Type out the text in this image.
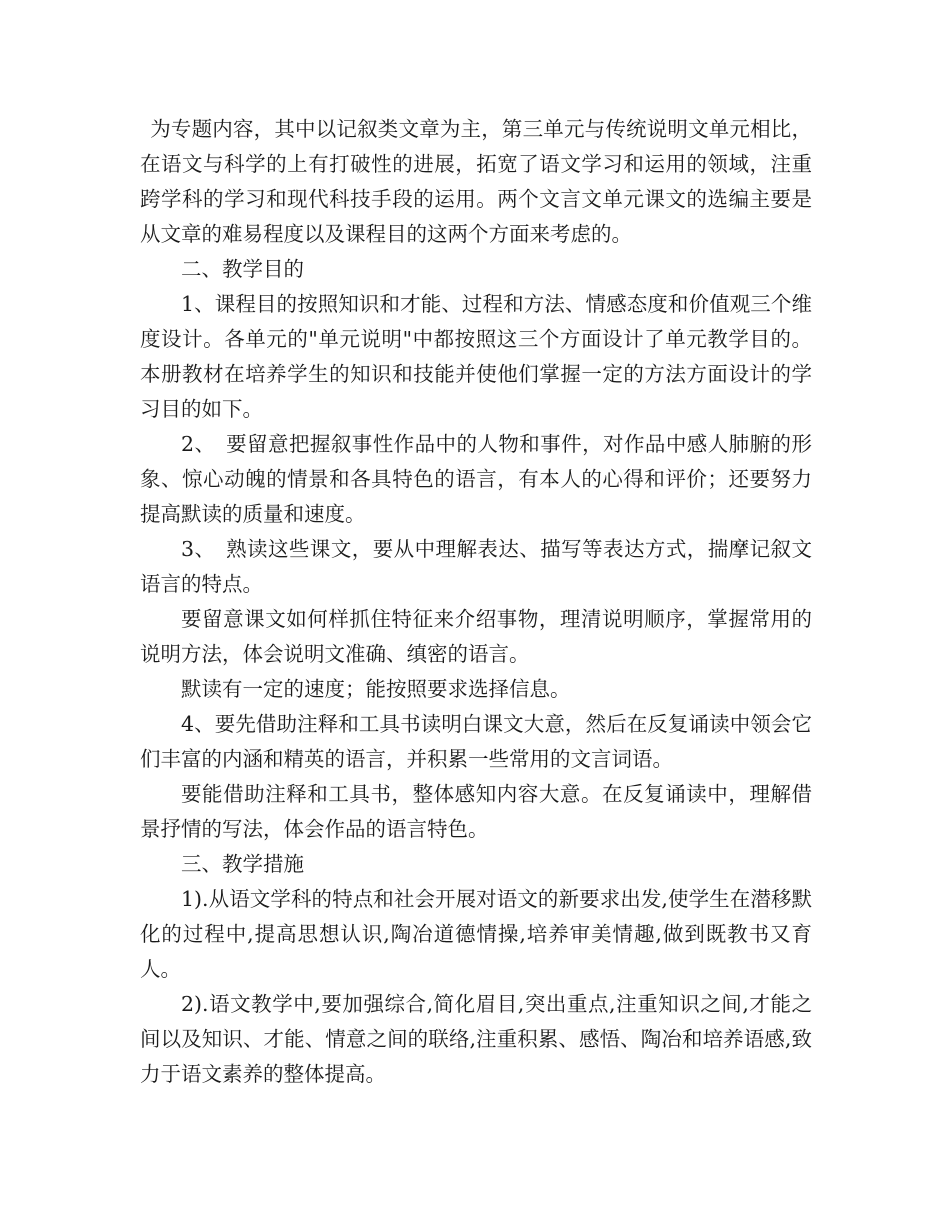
为专题内容，其中以记叙类文章为主，第三单元与传统说明文单元相比，在语文与科学的上有打破性的进展，拓宽了语文学习和运用的领域，注重跨学科的学习和现代科技手段的运用。两个文言文单元课文的选编主要是从文章的难易程度以及课程目的这两个方面来考虑的。

二、教学目的

1、课程目的按照知识和才能、过程和方法、情感态度和价值观三个维度设计。各单元的"单元说明"中都按照这三个方面设计了单元教学目的。本册教材在培养学生的知识和技能并使他们掌握一定的方法方面设计的学习目的如下。

2、　要留意把握叙事性作品中的人物和事件，对作品中感人肺腑的形象、惊心动魄的情景和各具特色的语言，有本人的心得和评价；还要努力提高默读的质量和速度。

3、　熟读这些课文，要从中理解表达、描写等表达方式，揣摩记叙文语言的特点。

要留意课文如何样抓住特征来介绍事物，理清说明顺序，掌握常用的说明方法，体会说明文准确、缜密的语言。

默读有一定的速度；能按照要求选择信息。

4、要先借助注释和工具书读明白课文大意，然后在反复诵读中领会它们丰富的内涵和精英的语言，并积累一些常用的文言词语。

要能借助注释和工具书，整体感知内容大意。在反复诵读中，理解借景抒情的写法，体会作品的语言特色。

三、教学措施

1).从语文学科的特点和社会开展对语文的新要求出发,使学生在潜移默化的过程中,提高思想认识,陶冶道德情操,培养审美情趣,做到既教书又育人。

2).语文教学中,要加强综合,简化眉目,突出重点,注重知识之间,才能之间以及知识、才能、情意之间的联络,注重积累、感悟、陶冶和培养语感,致力于语文素养的整体提高。
